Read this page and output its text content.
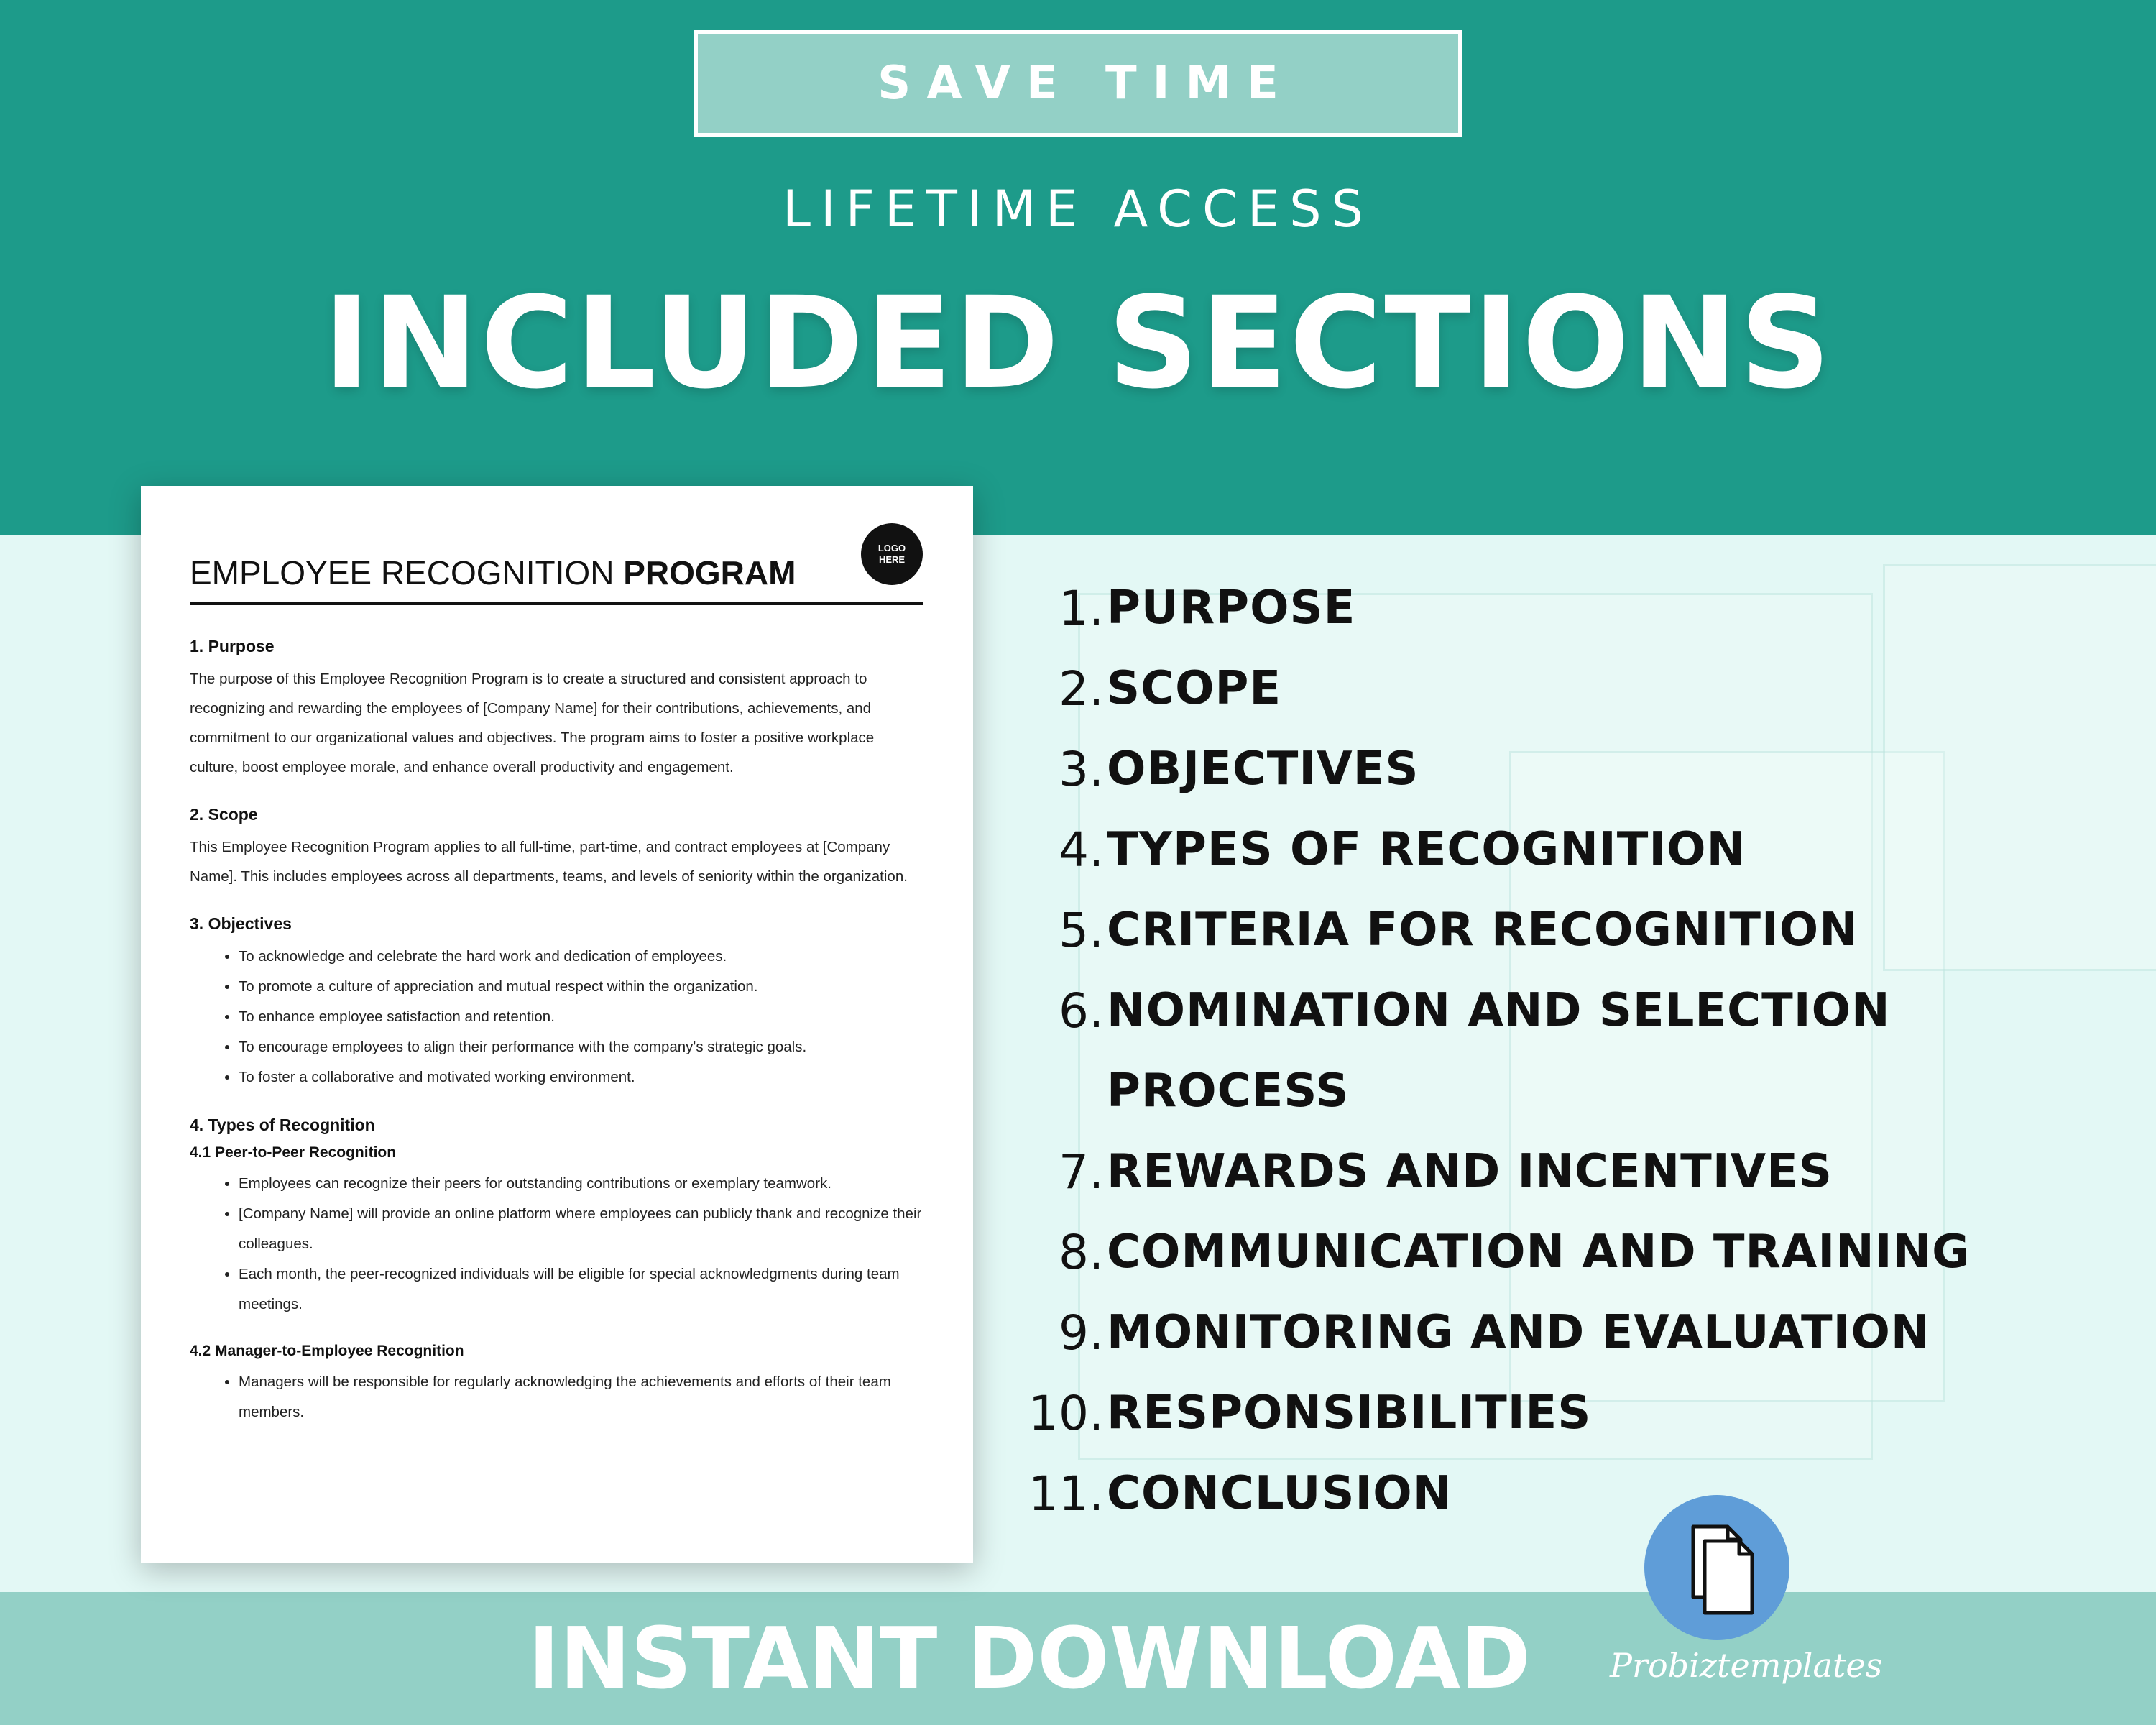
SAVE TIME
LIFETIME ACCESS
INCLUDED SECTIONS

EMPLOYEE RECOGNITION PROGRAM

LOGO
HERE

1. Purpose

The purpose of this Employee Recognition Program is to create a structured and consistent approach to recognizing and rewarding the employees of [Company Name] for their contributions, achievements, and commitment to our organizational values and objectives. The program aims to foster a positive workplace culture, boost employee morale, and enhance overall productivity and engagement.

2. Scope

This Employee Recognition Program applies to all full-time, part-time, and contract employees at [Company Name]. This includes employees across all departments, teams, and levels of seniority within the organization.

3. Objectives

• To acknowledge and celebrate the hard work and dedication of employees.
• To promote a culture of appreciation and mutual respect within the organization.
• To enhance employee satisfaction and retention.
• To encourage employees to align their performance with the company's strategic goals.
• To foster a collaborative and motivated working environment.

4. Types of Recognition

4.1 Peer-to-Peer Recognition

• Employees can recognize their peers for outstanding contributions or exemplary teamwork.
• [Company Name] will provide an online platform where employees can publicly thank and recognize their colleagues.
• Each month, the peer-recognized individuals will be eligible for special acknowledgments during team meetings.

4.2 Manager-to-Employee Recognition

• Managers will be responsible for regularly acknowledging the achievements and efforts of their team members.
1. PURPOSE
2. SCOPE
3. OBJECTIVES
4. TYPES OF RECOGNITION
5. CRITERIA FOR RECOGNITION
6. NOMINATION AND SELECTION
PROCESS
7. REWARDS AND INCENTIVES
8. COMMUNICATION AND TRAINING
9. MONITORING AND EVALUATION
10. RESPONSIBILITIES
11. CONCLUSION
INSTANT DOWNLOAD Probiztemplates
